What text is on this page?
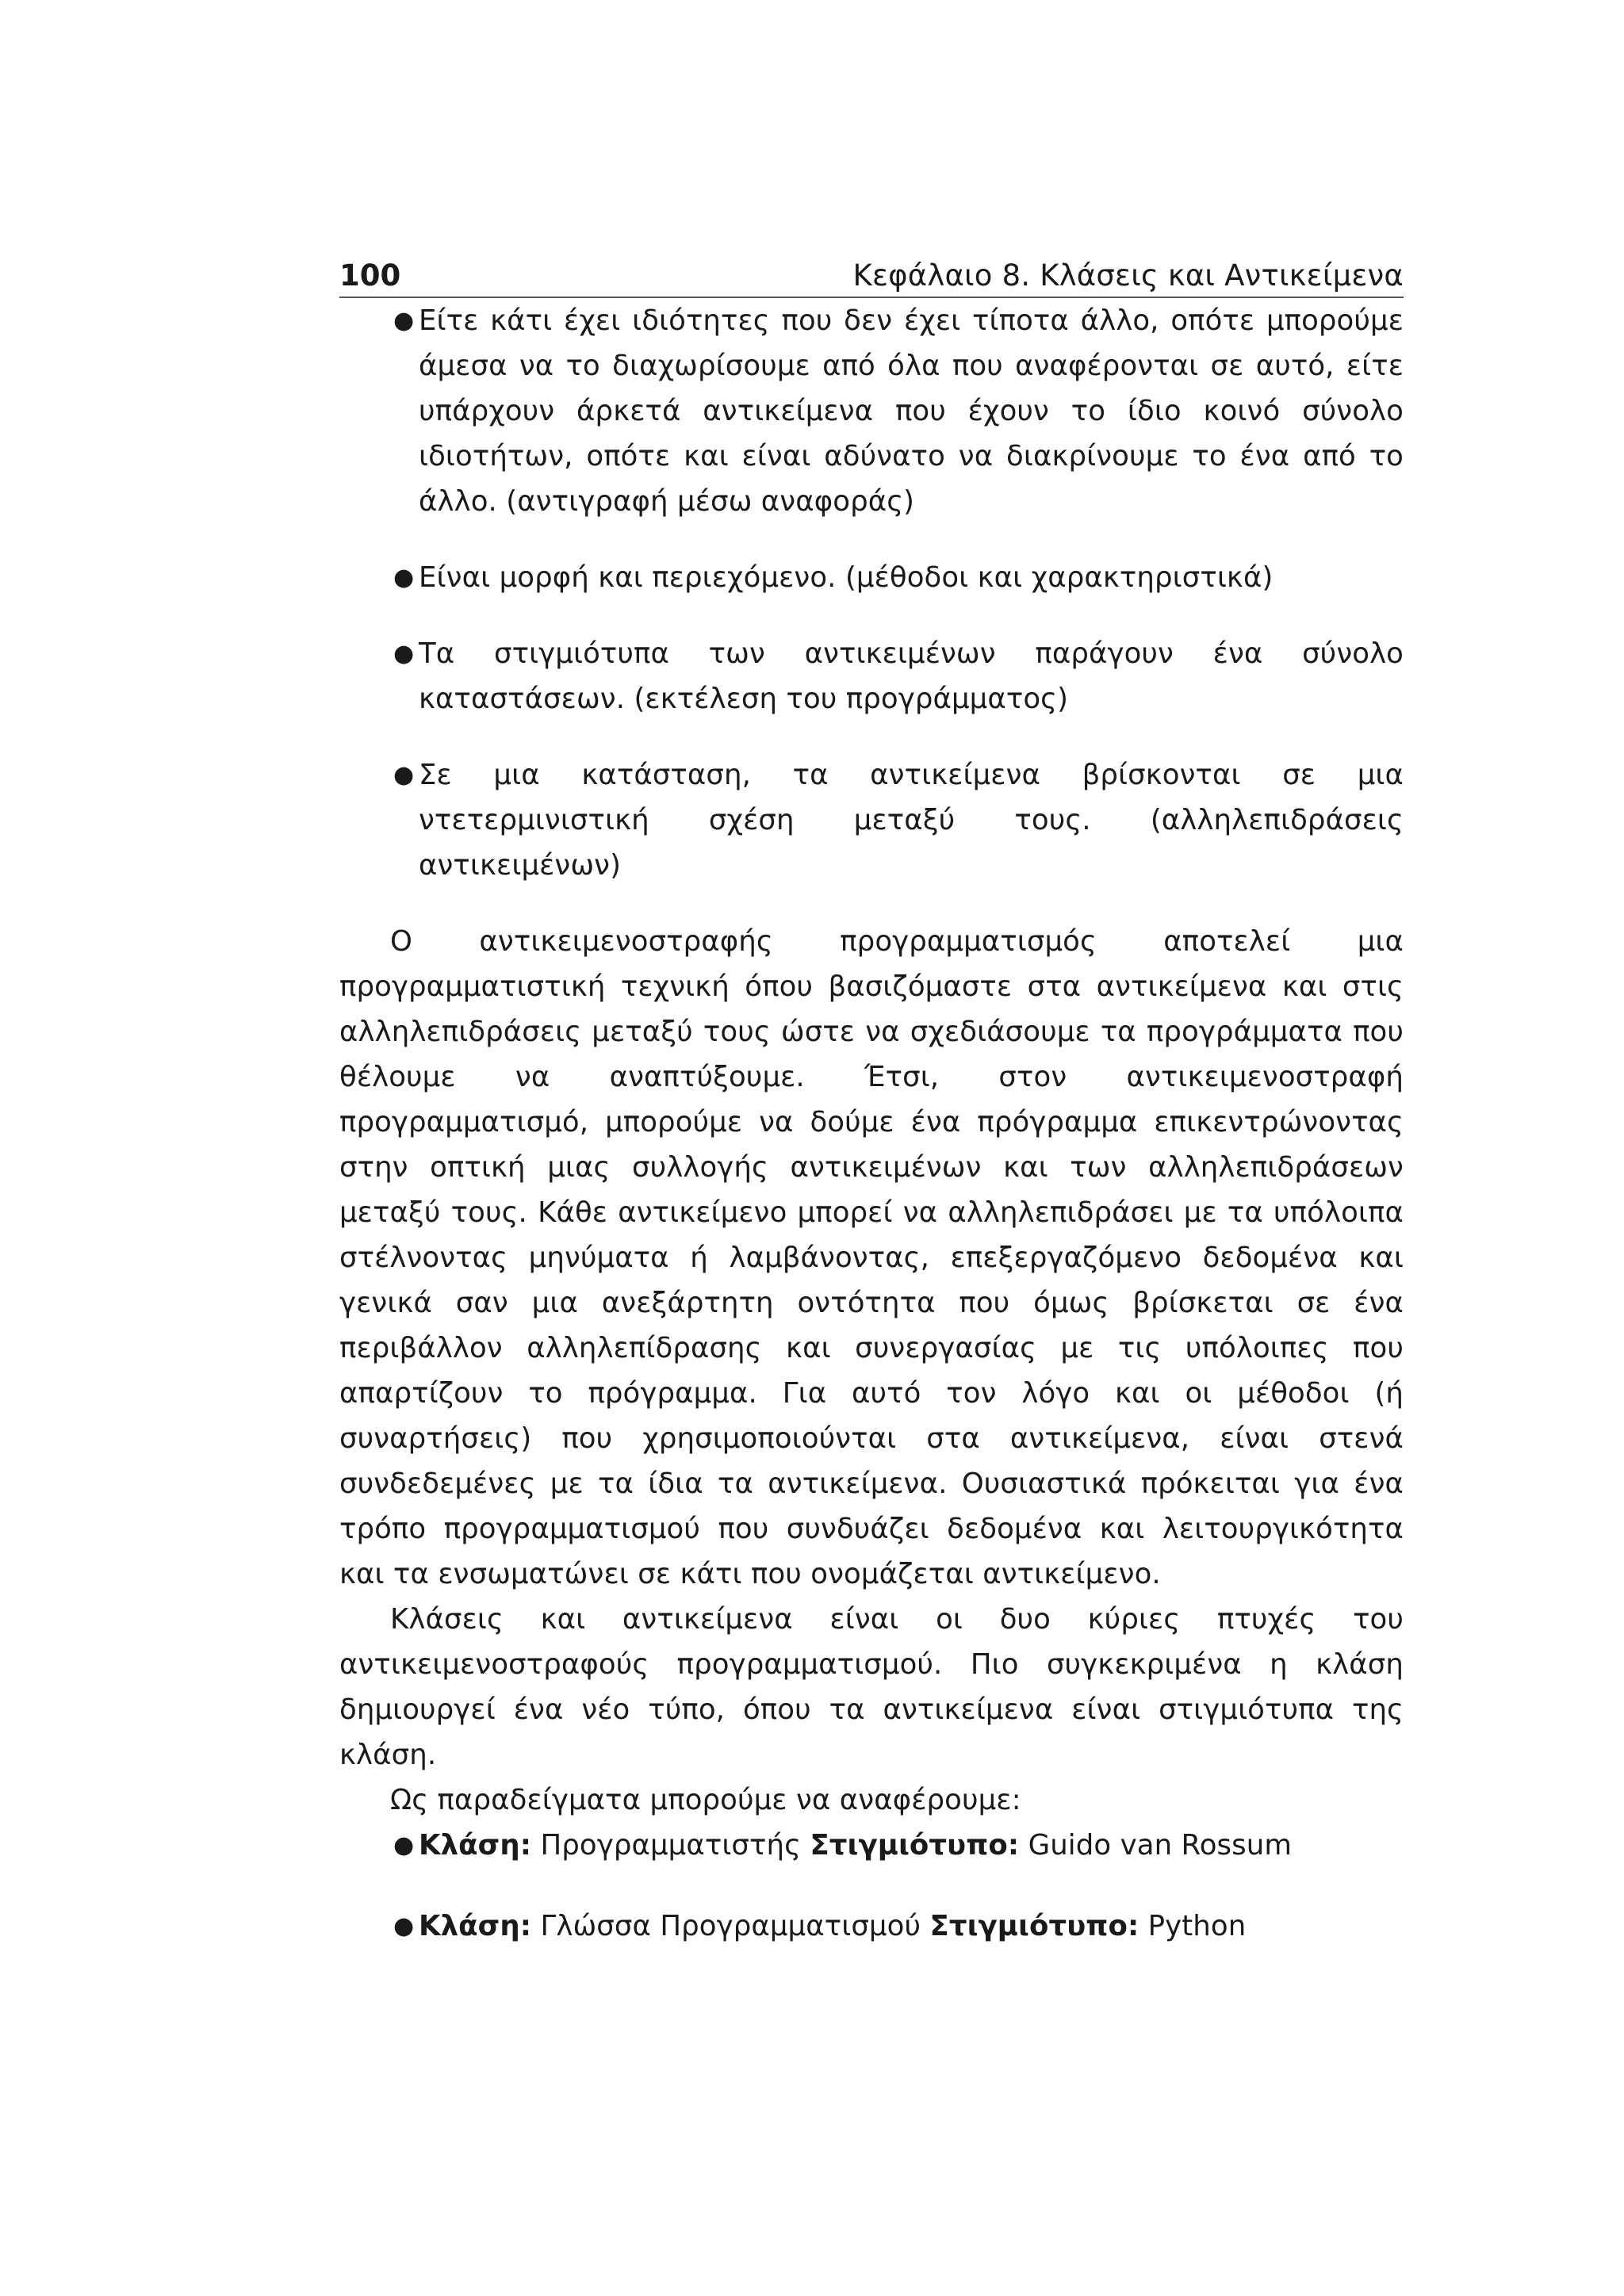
100	Κεφάλαιο 8. Κλάσεις και Αντικείμενα
● Είτε κάτι έχει ιδιότητες που δεν έχει τίποτα άλλο, οπότε μπορούμε άμεσα να το διαχωρίσουμε από όλα που αναφέρονται σε αυτό, είτε υπάρχουν άρκετά αντικείμενα που έχουν το ίδιο κοινό σύνολο ιδιοτήτων, οπότε και είναι αδύνατο να διακρίνουμε το ένα από το άλλο. (αντιγραφή μέσω αναφοράς)
● Είναι μορφή και περιεχόμενο. (μέθοδοι και χαρακτηριστικά)
● Τα στιγμιότυπα των αντικειμένων παράγουν ένα σύνολο καταστάσεων. (εκτέλεση του προγράμματος)
● Σε μια κατάσταση, τα αντικείμενα βρίσκονται σε μια ντετερμινιστική σχέση μεταξύ τους. (αλληλεπιδράσεις αντικειμένων)

Ο αντικειμενοστραφής προγραμματισμός αποτελεί μια προγραμματιστική τεχνική όπου βασιζόμαστε στα αντικείμενα και στις αλληλεπιδράσεις μεταξύ τους ώστε να σχεδιάσουμε τα προγράμματα που θέλουμε να αναπτύξουμε. Έτσι, στον αντικειμενοστραφή προγραμματισμό, μπορούμε να δούμε ένα πρόγραμμα επικεντρώνοντας στην οπτική μιας συλλογής αντικειμένων και των αλληλεπιδράσεων μεταξύ τους. Κάθε αντικείμενο μπορεί να αλληλεπιδράσει με τα υπόλοιπα στέλνοντας μηνύματα ή λαμβάνοντας, επεξεργαζόμενο δεδομένα και γενικά σαν μια ανεξάρτητη οντότητα που όμως βρίσκεται σε ένα περιβάλλον αλληλεπίδρασης και συνεργασίας με τις υπόλοιπες που απαρτίζουν το πρόγραμμα. Για αυτό τον λόγο και οι μέθοδοι (ή συναρτήσεις) που χρησιμοποιούνται στα αντικείμενα, είναι στενά συνδεδεμένες με τα ίδια τα αντικείμενα. Ουσιαστικά πρόκειται για ένα τρόπο προγραμματισμού που συνδυάζει δεδομένα και λειτουργικότητα και τα ενσωματώνει σε κάτι που ονομάζεται αντικείμενο.

Κλάσεις και αντικείμενα είναι οι δυο κύριες πτυχές του αντικειμενοστραφούς προγραμματισμού. Πιο συγκεκριμένα η κλάση δημιουργεί ένα νέο τύπο, όπου τα αντικείμενα είναι στιγμιότυπα της κλάση.

Ως παραδείγματα μπορούμε να αναφέρουμε:

● Κλάση: Προγραμματιστής Στιγμιότυπο: Guido van Rossum
● Κλάση: Γλώσσα Προγραμματισμού Στιγμιότυπο: Python
